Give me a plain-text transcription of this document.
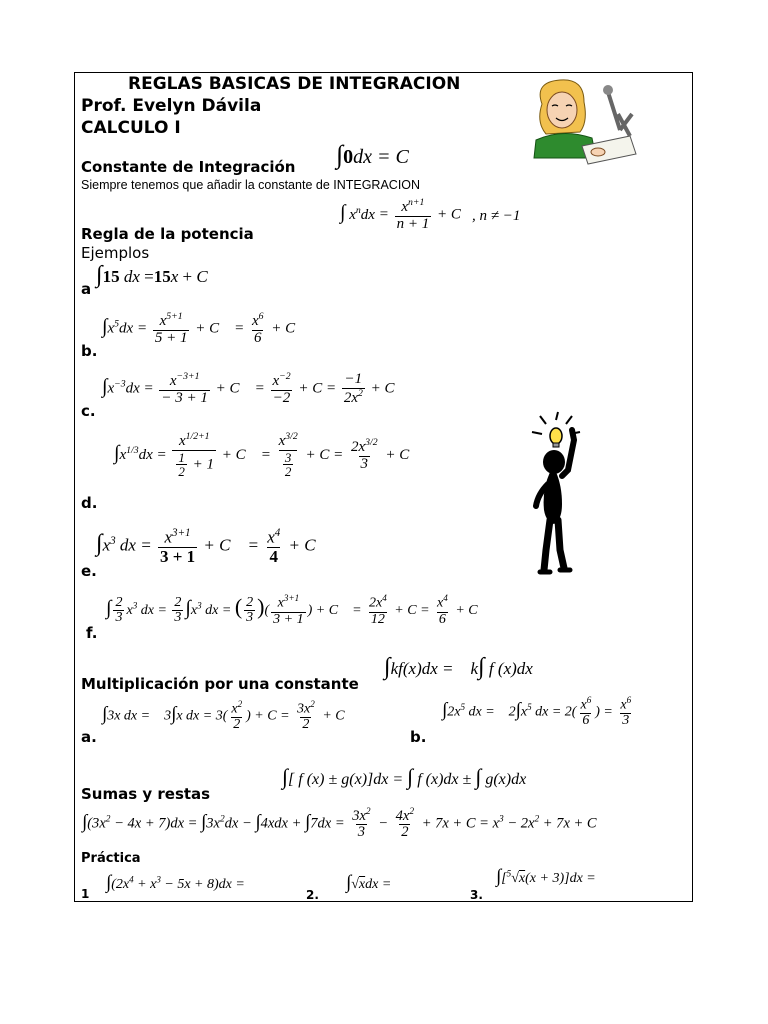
REGLAS BASICAS DE INTEGRACION
Prof. Evelyn Dávila
CALCULO I
Constante de Integración ∫0dx = C
Siempre tenemos que añadir la constante de INTEGRACION
∫ $x^ndx = \frac{x^{n+1}}{n + 1} + C$ , n ≠ −1
Regla de la potencia
Ejemplos
a
∫15 dx =15x + C
b.
$\int x^5dx = \frac{x^{5+1}}{5 + 1} + C$    = $\frac{x^6}{6} + C$
c.
$\int x^{-3}dx = \frac{x^{-3+1}}{- 3 + 1} + C$    = $\frac{x^{-2}}{-2} + C = \frac{-1}{2x^2} + C$
d.
$\int x^{1/3}dx = \frac{x^{1/2+1}}{\frac{1}{2} + 1} + C$    = $\frac{x^{3/2}}{\frac{3}{2}} + C = \frac{2x^{3/2}}{3} + C$
e.
$\int x^3$ dx = $\frac{x^{3+1}}{3 + 1} + C$    = $\frac{x^4}{4} + C$
f.
∫ $\frac{2}{3} x^3$ dx = $\frac{2}{3} \int x^3$ dx = ( $\frac{2}{3}$ )( $\frac{x^{3+1}}{3 + 1}$ ) + C    = $\frac{2x^4}{12} + C = \frac{x^4}{6} + C$
∫kf(x)dx =    k∫ f (x)dx
Multiplicación por una constante
a.
∫3x dx =    3∫x dx = $3( \frac{x^2}{2}$ ) + $C = \frac{3x^2}{2} + C$
b.
$\int 2x^5$ dx =    $2\int x^5$ dx = $2( \frac{x^6}{6}$ ) = $\frac{x^6}{3}$
∫[ f (x) ± g(x)]dx = ∫ f (x)dx ± ∫ g(x)dx
Sumas y restas
$\int(3x^2 - 4x + 7)dx = \int 3x^2dx - \int 4xdx + \int 7dx = \frac{3x^2}{3} - \frac{4x^2}{2} + 7x + C = x^3 - 2x^2 + 7x + C$
Práctica
1
$\int(2x^4 + x^3 - 5x + 8)dx$ =
2.
∫√xdx =
3.
∫[$^5$√x(x + 3)]dx =
